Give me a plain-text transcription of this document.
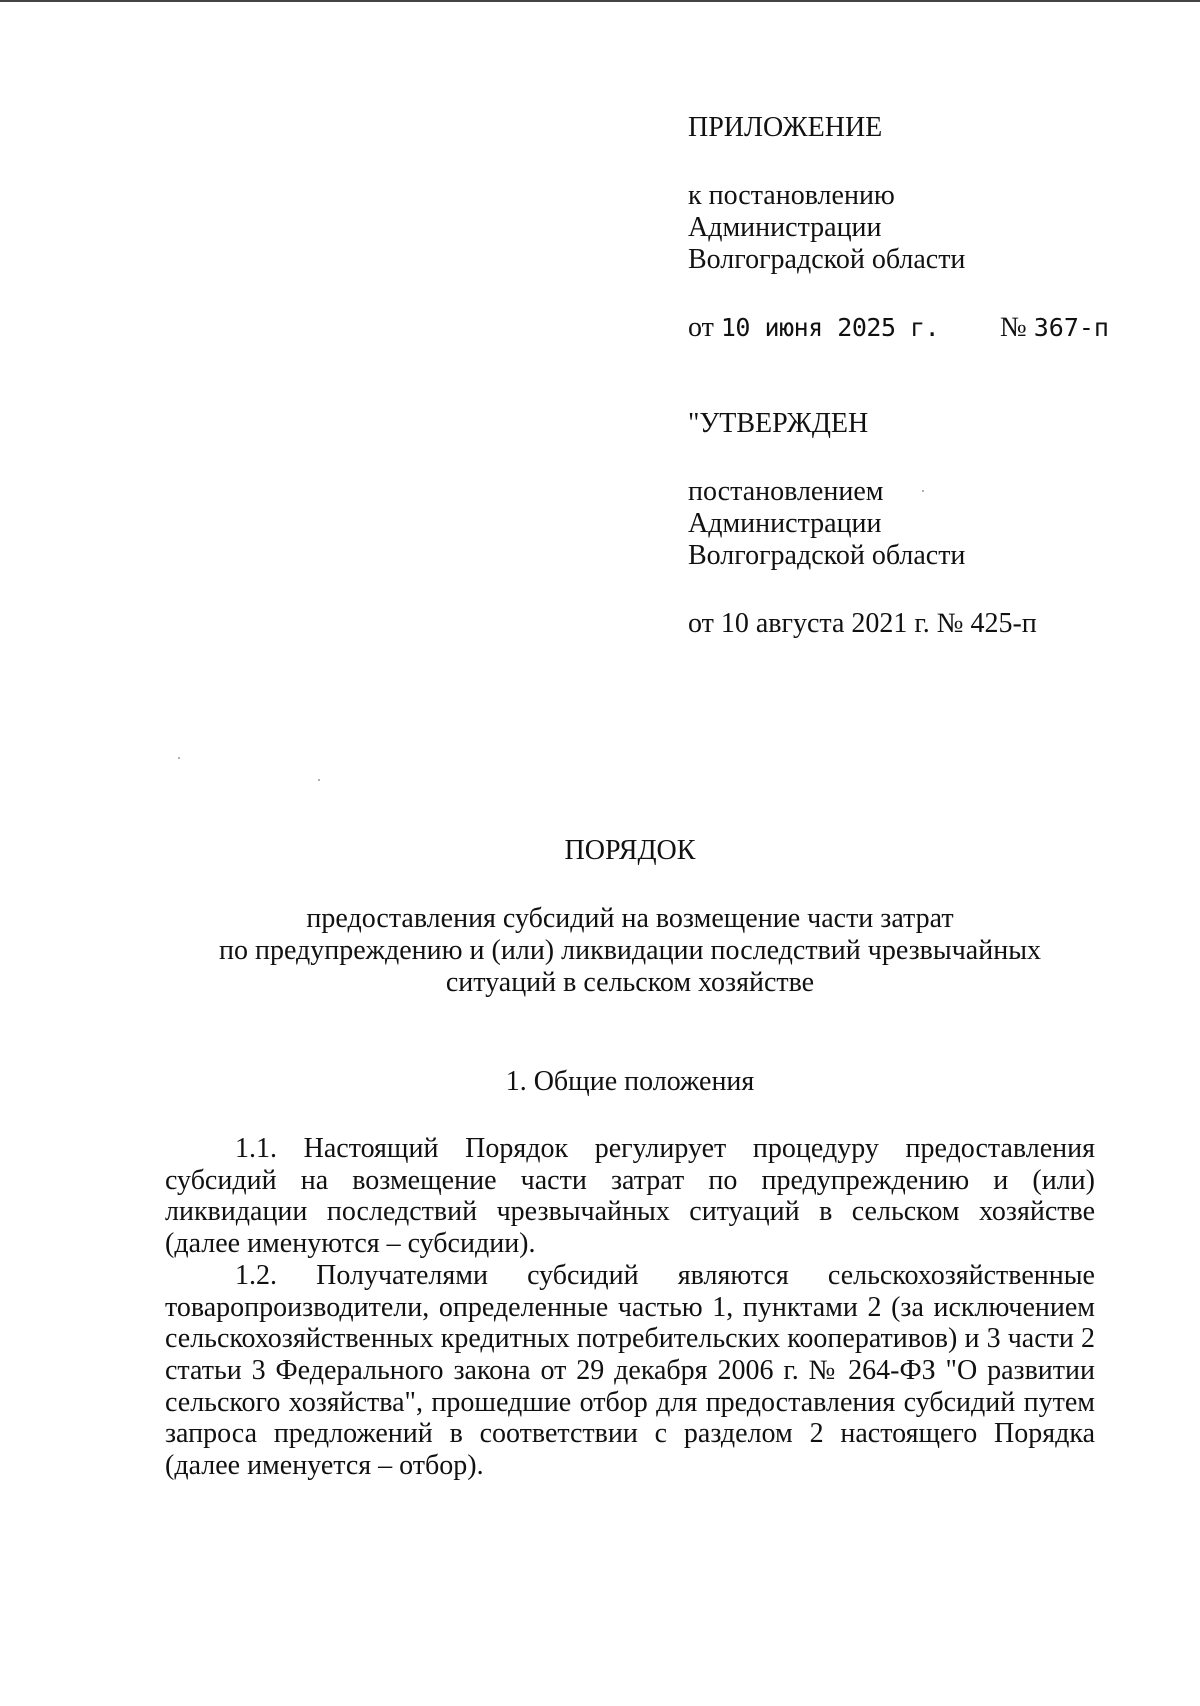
ПРИЛОЖЕНИЕ
к постановлению
Администрации
Волгоградской области
от 10 июня 2025 г. № 367-п
"УТВЕРЖДЕН
постановлением
Администрации
Волгоградской области
от 10 августа 2021 г. № 425-п
ПОРЯДОК
предоставления субсидий на возмещение части затрат
по предупреждению и (или) ликвидации последствий чрезвычайных
ситуаций в сельском хозяйстве
1. Общие положения

1.1. Настоящий Порядок регулирует процедуру предоставления субсидий на возмещение части затрат по предупреждению и (или) ликвидации последствий чрезвычайных ситуаций в сельском хозяйстве (далее именуются – субсидии).

1.2. Получателями субсидий являются сельскохозяйственные товаропроизводители, определенные частью 1, пунктами 2 (за исключением сельскохозяйственных кредитных потребительских кооперативов) и 3 части 2 статьи 3 Федерального закона от 29 декабря 2006 г. № 264-ФЗ "О развитии сельского хозяйства", прошедшие отбор для предоставления субсидий путем запроса предложений в соответствии с разделом 2 настоящего Порядка (далее именуется – отбор).
